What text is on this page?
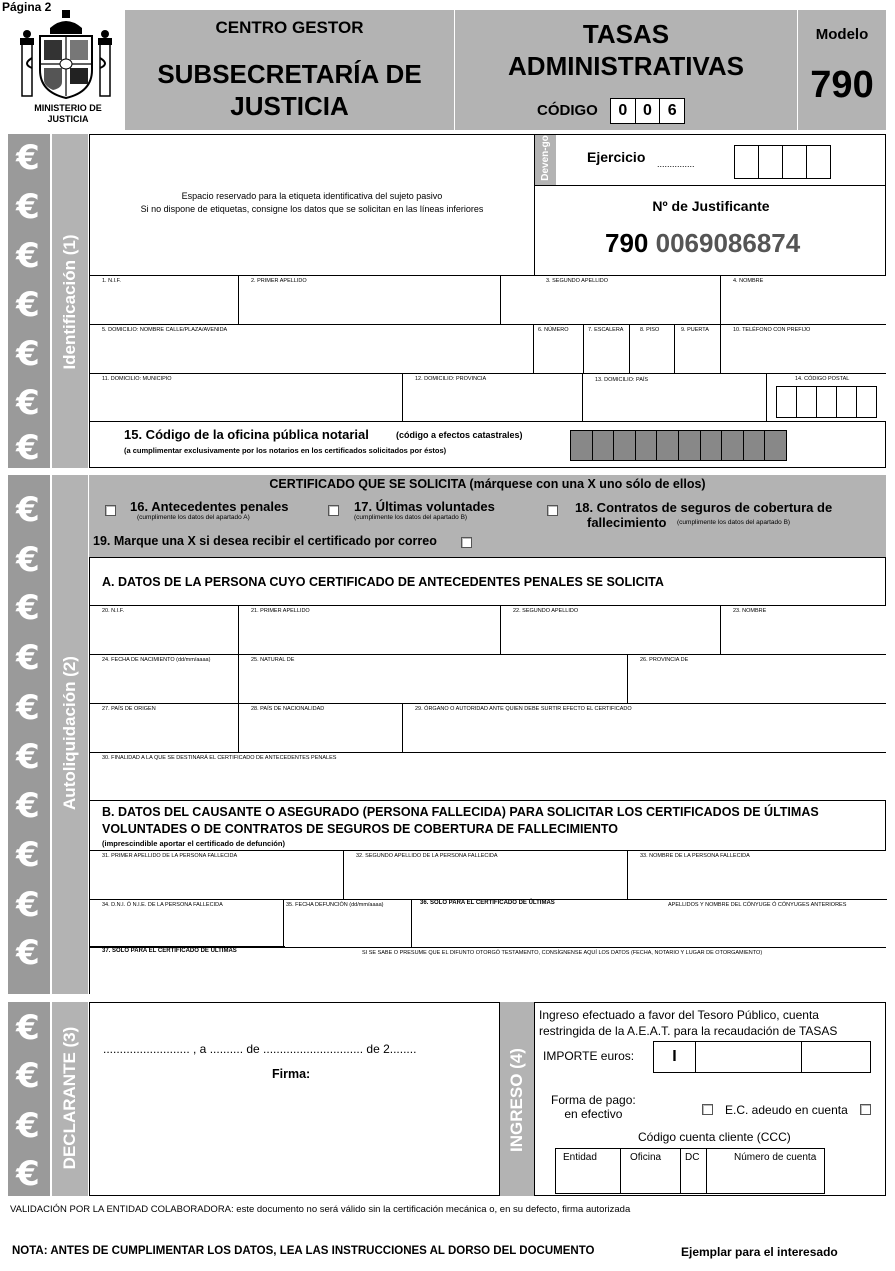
Página 2
MINISTERIO DE
JUSTICIA
CENTRO GESTOR
SUBSECRETARÍA DE
JUSTICIA
TASAS
ADMINISTRATIVAS
CÓDIGO	0 0 6
Modelo
790
Identificación (1)
€
€
€
€
€
€
€
Espacio reservado para la etiqueta identificativa del sujeto pasivo
Si no dispone de etiquetas, consigne los datos que se solicitan en las líneas inferiores
Deven-go	Ejercicio ...............
Nº de Justificante
790 0069086874
1. N.I.F.	2. PRIMER APELLIDO	3. SEGUNDO APELLIDO	4. NOMBRE
5. DOMICILIO: NOMBRE CALLE/PLAZA/AVENIDA	6. NÚMERO	7. ESCALERA	8. PISO	9. PUERTA	10. TELÉFONO CON PREFIJO
11. DOMICILIO: MUNICIPIO	12. DOMICILIO: PROVINCIA	13. DOMICILIO: PAÍS	14. CÓDIGO POSTAL
15. Código de la oficina pública notarial	(código a efectos catastrales)
(a cumplimentar exclusivamente por los notarios en los certificados solicitados por éstos)
Autoliquidación (2)
€
€
€
€
€
€
€
€
€
€
CERTIFICADO QUE SE SOLICITA (márquese con una X uno sólo de ellos)
16. Antecedentes penales
(cumplimente los datos del apartado A)
17. Últimas voluntades
(cumplimente los datos del apartado B)
18. Contratos de seguros de cobertura de
fallecimiento (cumplimente los datos del apartado B)
19. Marque una X si desea recibir el certificado por correo
A. DATOS DE LA PERSONA CUYO CERTIFICADO DE ANTECEDENTES PENALES SE SOLICITA
20. N.I.F.	21. PRIMER APELLIDO	22. SEGUNDO APELLIDO	23. NOMBRE
24. FECHA DE NACIMIENTO (dd/mm/aaaa)	25. NATURAL DE	26. PROVINCIA DE
27. PAÍS DE ORIGEN	28. PAÍS DE NACIONALIDAD	29. ÓRGANO O AUTORIDAD ANTE QUIEN DEBE SURTIR EFECTO EL CERTIFICADO
30. FINALIDAD A LA QUE SE DESTINARÁ EL CERTIFICADO DE ANTECEDENTES PENALES
B. DATOS DEL CAUSANTE O ASEGURADO (PERSONA FALLECIDA) PARA SOLICITAR LOS CERTIFICADOS DE ÚLTIMAS
VOLUNTADES O DE CONTRATOS DE SEGUROS DE COBERTURA DE FALLECIMIENTO
(imprescindible aportar el certificado de defunción)
31. PRIMER APELLIDO DE LA PERSONA FALLECIDA	32. SEGUNDO APELLIDO DE LA PERSONA FALLECIDA	33. NOMBRE DE LA PERSONA FALLECIDA
34. D.N.I. Ó N.I.E. DE LA PERSONA FALLECIDA	35. FECHA DEFUNCIÓN (dd/mm/aaaa)	36. SOLO PARA EL CERTIFICADO DE ÚLTIMAS	APELLIDOS Y NOMBRE DEL CÓNYUGE Ó CÓNYUGES ANTERIORES
37. SOLO PARA EL CERTIFICADO DE ÚLTIMAS	SI SE SABE O PRESUME QUE EL DIFUNTO OTORGÓ TESTAMENTO, CONSÍGNENSE AQUÍ LOS DATOS (FECHA, NOTARIO Y LUGAR DE OTORGAMIENTO)
DECLARANTE (3)
€
€
€
€
.......................... , a .......... de .............................. de 2........
Firma:	INGRESO (4)
Ingreso efectuado a favor del Tesoro Público, cuenta
restringida de la A.E.A.T. para la recaudación de TASAS
IMPORTE euros:	I
Forma de pago:
en efectivo	E.C. adeudo en cuenta
Código cuenta cliente (CCC)
Entidad	Oficina	DC	Número de cuenta
VALIDACIÓN POR LA ENTIDAD COLABORADORA: este documento no será válido sin la certificación mecánica o, en su defecto, firma autorizada
NOTA: ANTES DE CUMPLIMENTAR LOS DATOS, LEA LAS INSTRUCCIONES AL DORSO DEL DOCUMENTO	Ejemplar para el interesado
